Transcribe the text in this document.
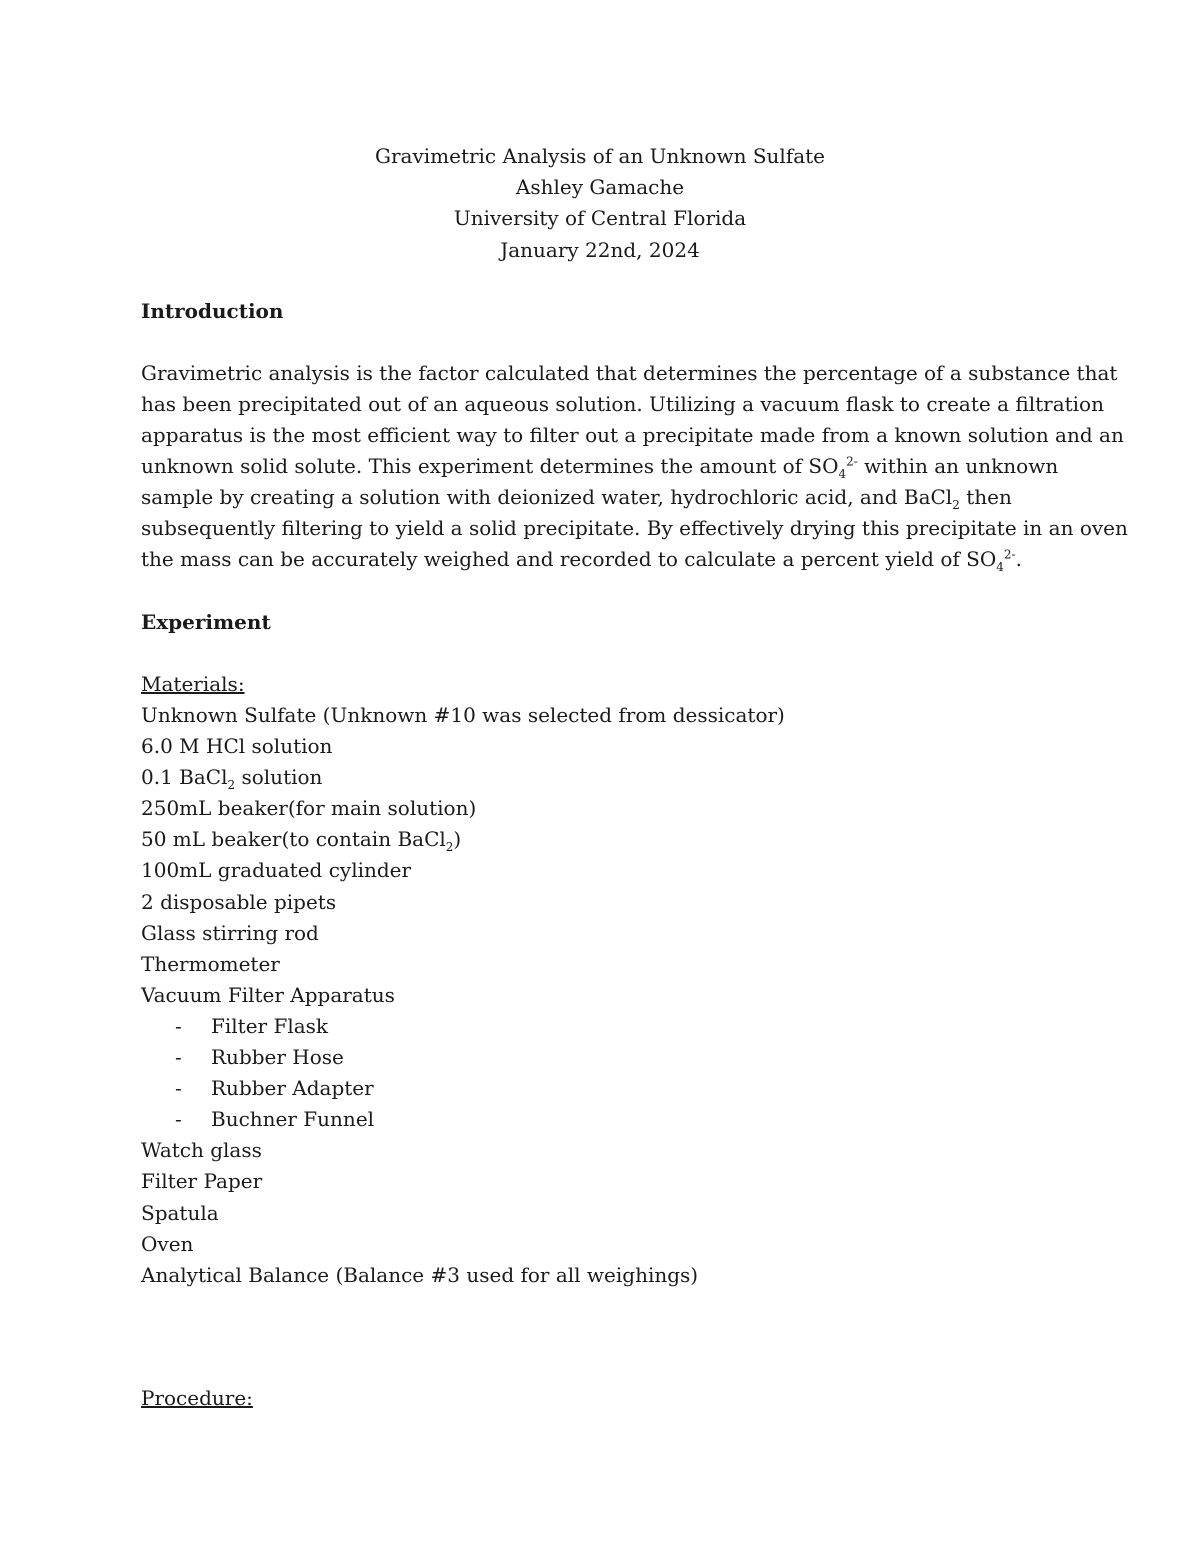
Gravimetric Analysis of an Unknown Sulfate
Ashley Gamache
University of Central Florida
January 22nd, 2024
Introduction
Gravimetric analysis is the factor calculated that determines the percentage of a substance that
has been precipitated out of an aqueous solution. Utilizing a vacuum flask to create a filtration
apparatus is the most efficient way to filter out a precipitate made from a known solution and an
unknown solid solute. This experiment determines the amount of $SO_4^{2-}$ within an unknown
sample by creating a solution with deionized water, hydrochloric acid, and BaCl$_2$ then
subsequently filtering to yield a solid precipitate. By effectively drying this precipitate in an oven
the mass can be accurately weighed and recorded to calculate a percent yield of $SO_4^{2-}$.
Experiment
Materials:
Unknown Sulfate (Unknown #10 was selected from dessicator)
6.0 M HCl solution
0.1 BaCl$_2$ solution
250mL beaker(for main solution)
50 mL beaker(to contain BaCl$_2$)
100mL graduated cylinder
2 disposable pipets
Glass stirring rod
Thermometer
Vacuum Filter Apparatus
- Filter Flask
- Rubber Hose
- Rubber Adapter
- Buchner Funnel
Watch glass
Filter Paper
Spatula
Oven
Analytical Balance (Balance #3 used for all weighings)
Procedure:
